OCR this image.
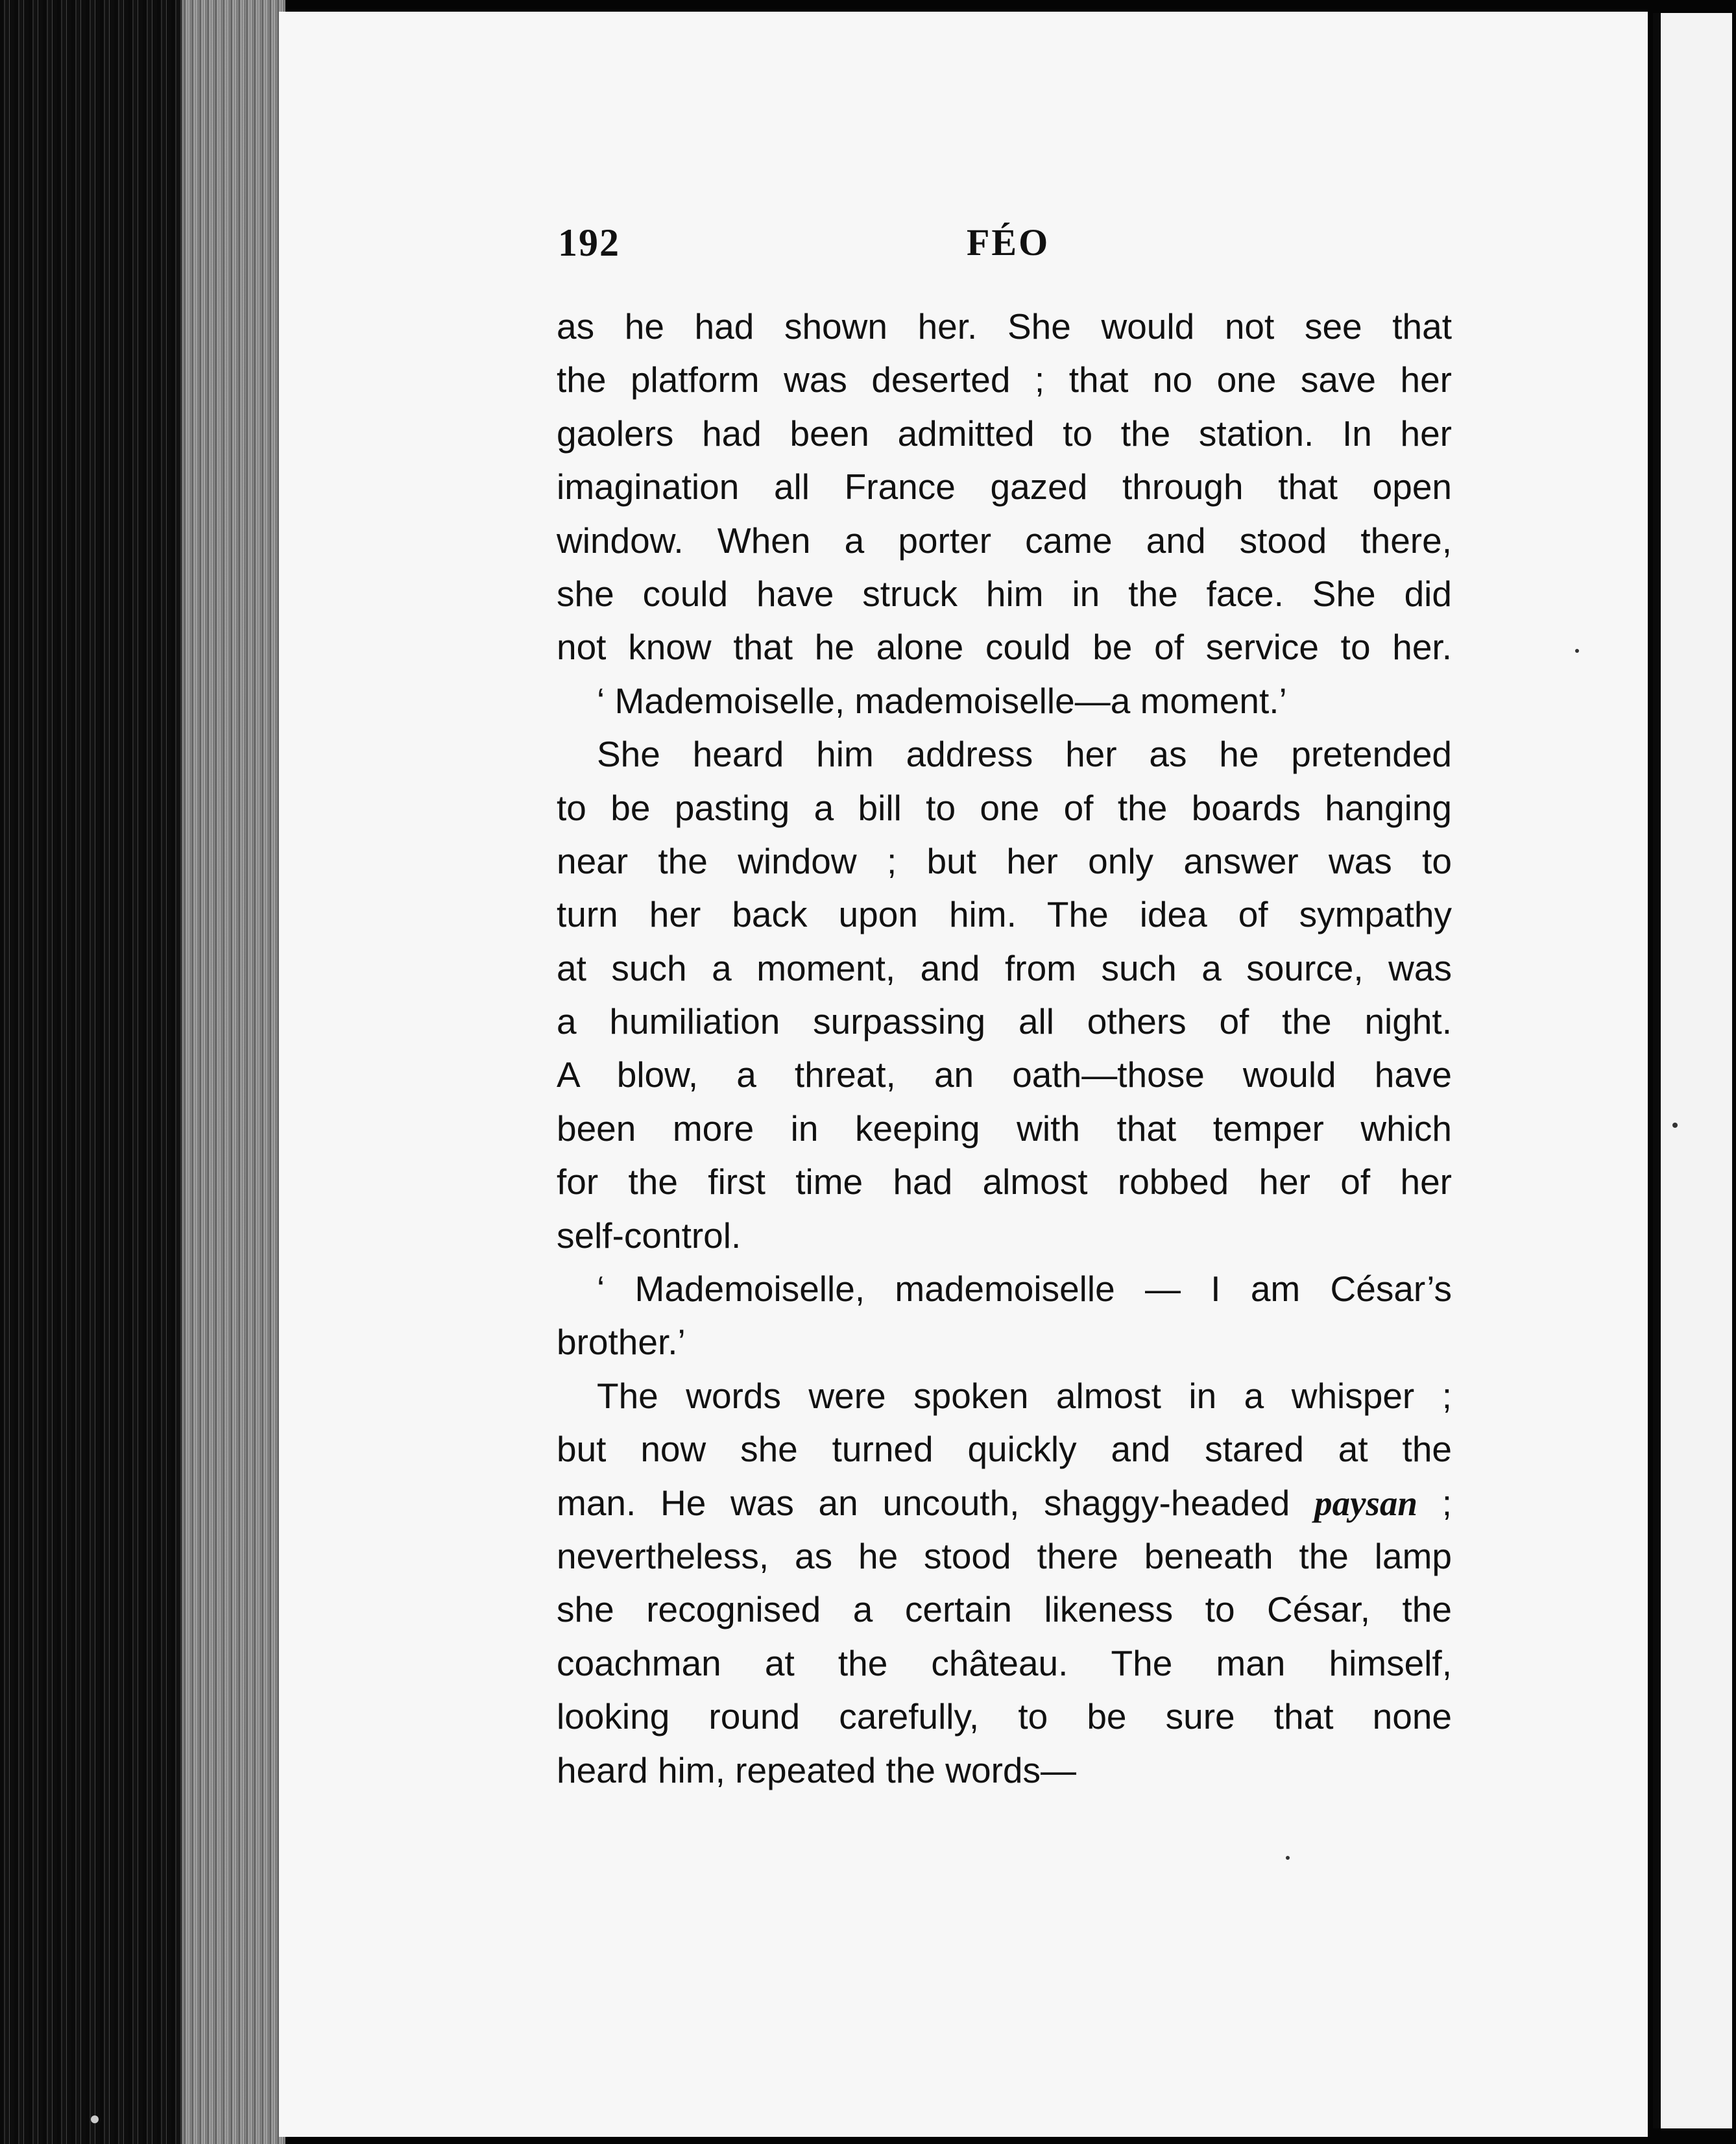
192	FÉO
as he had shown her. She would not see that
the platform was deserted ; that no one save her
gaolers had been admitted to the station. In her
imagination all France gazed through that open
window. When a porter came and stood there,
she could have struck him in the face. She did
not know that he alone could be of service to her.
‘ Mademoiselle, mademoiselle—a moment.’
She heard him address her as he pretended
to be pasting a bill to one of the boards hanging
near the window ; but her only answer was to
turn her back upon him. The idea of sympathy
at such a moment, and from such a source, was
a humiliation surpassing all others of the night.
A blow, a threat, an oath—those would have
been more in keeping with that temper which
for the first time had almost robbed her of her
self-control.
‘ Mademoiselle, mademoiselle — I am César’s
brother.’
The words were spoken almost in a whisper ;
but now she turned quickly and stared at the
man. He was an uncouth, shaggy-headed paysan ;
nevertheless, as he stood there beneath the lamp
she recognised a certain likeness to César, the
coachman at the château. The man himself,
looking round carefully, to be sure that none
heard him, repeated the words—
